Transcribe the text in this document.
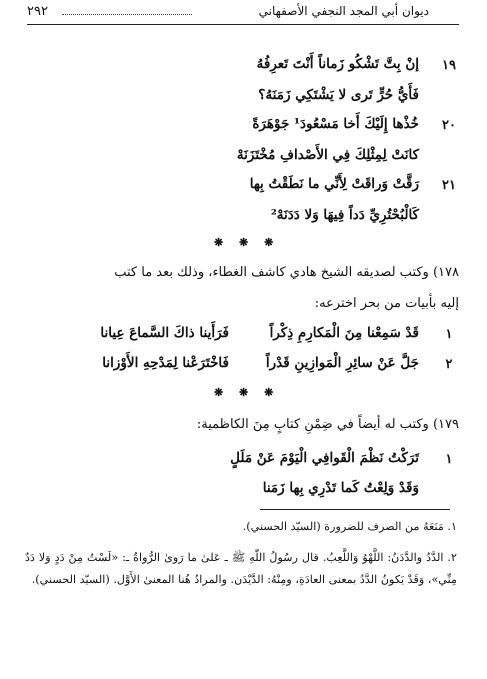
٢٩٢	ديوان أبي المجد النجفي الأصفهاني
١٩
إنْ بِتَّ تَشْكُو زَماناً أَنْتَ تَعرِفُهُ
فَأَيُّ حُرٍّ تَرى لا يَشْتَكِي زَمَنَهُ؟
٢٠
خُذْها إِلَيْكَ أَخا مَسْعُودَ¹ جَوْهَرَةً
كانَتْ لِمِثْلِكَ فِي الأَصْدافِ مُخْتَزَنَهْ
٢١
رَقَّتْ وَراقَتْ لِأَنِّي ما نَطَقْتُ بِها
كَالْبُحْتُرِيِّ دَداً فِيهَا وَلا دَدَنَهْ²
❋ ❋ ❋
١٧٨) وكتب لصديقه الشيخ هادي كاشف الغطاء، وذلك بعد ما كتب
إليه بأبيات من بحر اخترعه:
١
قَدْ سَمِعْنا مِنَ الْمَكارِمِ ذِكْراً
فَرَأَينا ذاكَ السَّماعَ عِيانا
٢
جَلَّ عَنْ سائِرِ الْمَوازِينِ قَدْراً
فَاخْتَرَعْنا لِمَدْحِهِ الأَوْزانا
❋ ❋ ❋
١٧٩) وكتب له أيضاً في ضِمْنِ كتابٍ مِنَ الكاظمية:
١
تَرَكْتُ نَظْمَ الْقَوافِي الْيَوْمَ عَنْ مَلَلٍ
وَقَدْ وَلِعْتُ كَما تَدْرِي بِها زَمَنا
١. مَنَعَهُ من الصرف للضرورة (السيّد الحسني).
٢. الدَّدُ والدَّدَنُ: اللَّهْوُ وَاللَّعِبُ. قال رسُولُ اللّٰهِ ﷺ ـ عَلىٰ ما رَوىٰ الرُّواةُ ـ: «لَسْتُ مِنْ دَدٍ وَلا دَدٌ مِنِّي»، وَقَدْ يَكونُ الدَّدُ بمعنى العادَةِ، ومِنْهُ: الدَّيْدَن. والمرادُ هُنا المعنىٰ الأَوَّل. (السيّد الحسني).
